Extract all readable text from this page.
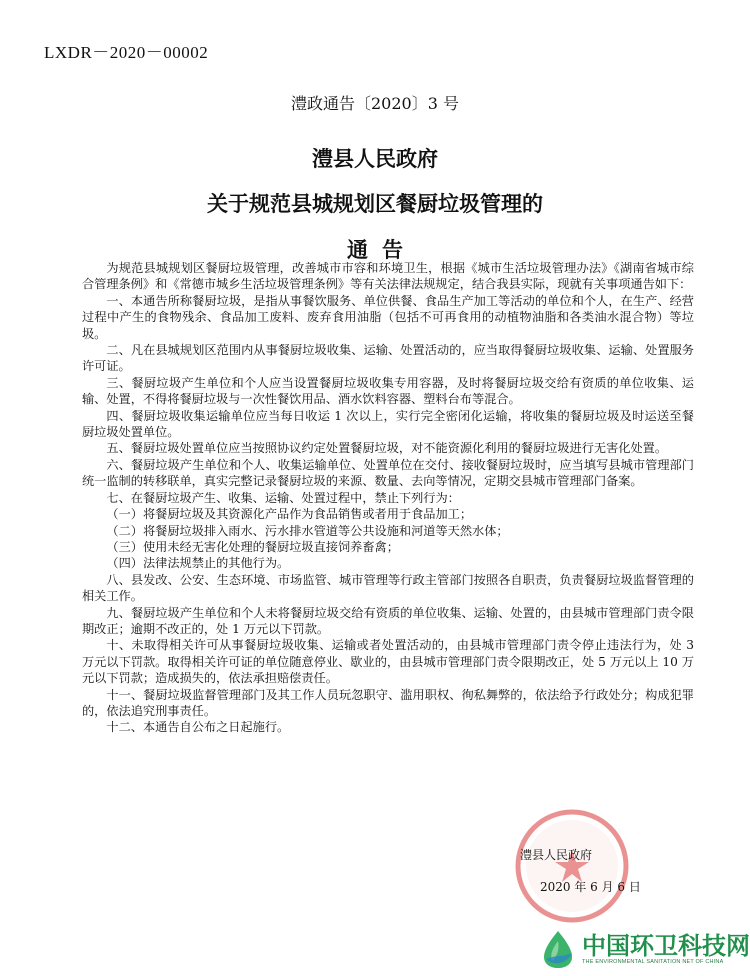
LXDR－2020－00002
澧政通告〔2020〕3 号
澧县人民政府
关于规范县城规划区餐厨垃圾管理的
通告

为规范县城规划区餐厨垃圾管理，改善城市市容和环境卫生，根据《城市生活垃圾管理办法》《湖南省城市综合管理条例》和《常德市城乡生活垃圾管理条例》等有关法律法规规定，结合我县实际，现就有关事项通告如下：

一、本通告所称餐厨垃圾，是指从事餐饮服务、单位供餐、食品生产加工等活动的单位和个人，在生产、经营过程中产生的食物残余、食品加工废料、废弃食用油脂（包括不可再食用的动植物油脂和各类油水混合物）等垃圾。

二、凡在县城规划区范围内从事餐厨垃圾收集、运输、处置活动的，应当取得餐厨垃圾收集、运输、处置服务许可证。

三、餐厨垃圾产生单位和个人应当设置餐厨垃圾收集专用容器，及时将餐厨垃圾交给有资质的单位收集、运输、处置，不得将餐厨垃圾与一次性餐饮用品、酒水饮料容器、塑料台布等混合。

四、餐厨垃圾收集运输单位应当每日收运 1 次以上，实行完全密闭化运输，将收集的餐厨垃圾及时运送至餐厨垃圾处置单位。

五、餐厨垃圾处置单位应当按照协议约定处置餐厨垃圾，对不能资源化利用的餐厨垃圾进行无害化处置。

六、餐厨垃圾产生单位和个人、收集运输单位、处置单位在交付、接收餐厨垃圾时，应当填写县城市管理部门统一监制的转移联单，真实完整记录餐厨垃圾的来源、数量、去向等情况，定期交县城市管理部门备案。

七、在餐厨垃圾产生、收集、运输、处置过程中，禁止下列行为：

（一）将餐厨垃圾及其资源化产品作为食品销售或者用于食品加工；

（二）将餐厨垃圾排入雨水、污水排水管道等公共设施和河道等天然水体；

（三）使用未经无害化处理的餐厨垃圾直接饲养畜禽；

（四）法律法规禁止的其他行为。

八、县发改、公安、生态环境、市场监管、城市管理等行政主管部门按照各自职责，负责餐厨垃圾监督管理的相关工作。

九、餐厨垃圾产生单位和个人未将餐厨垃圾交给有资质的单位收集、运输、处置的，由县城市管理部门责令限期改正；逾期不改正的，处 1 万元以下罚款。

十、未取得相关许可从事餐厨垃圾收集、运输或者处置活动的，由县城市管理部门责令停止违法行为，处 3 万元以下罚款。取得相关许可证的单位随意停业、歇业的，由县城市管理部门责令限期改正，处 5 万元以上 10 万元以下罚款；造成损失的，依法承担赔偿责任。

十一、餐厨垃圾监督管理部门及其工作人员玩忽职守、滥用职权、徇私舞弊的，依法给予行政处分；构成犯罪的，依法追究刑事责任。

十二、本通告自公布之日起施行。

澧县人民政府
2020 年 6 月 6 日
中国环卫科技网
THE ENVIRONMENTAL SANITATION NET OF CHINA
